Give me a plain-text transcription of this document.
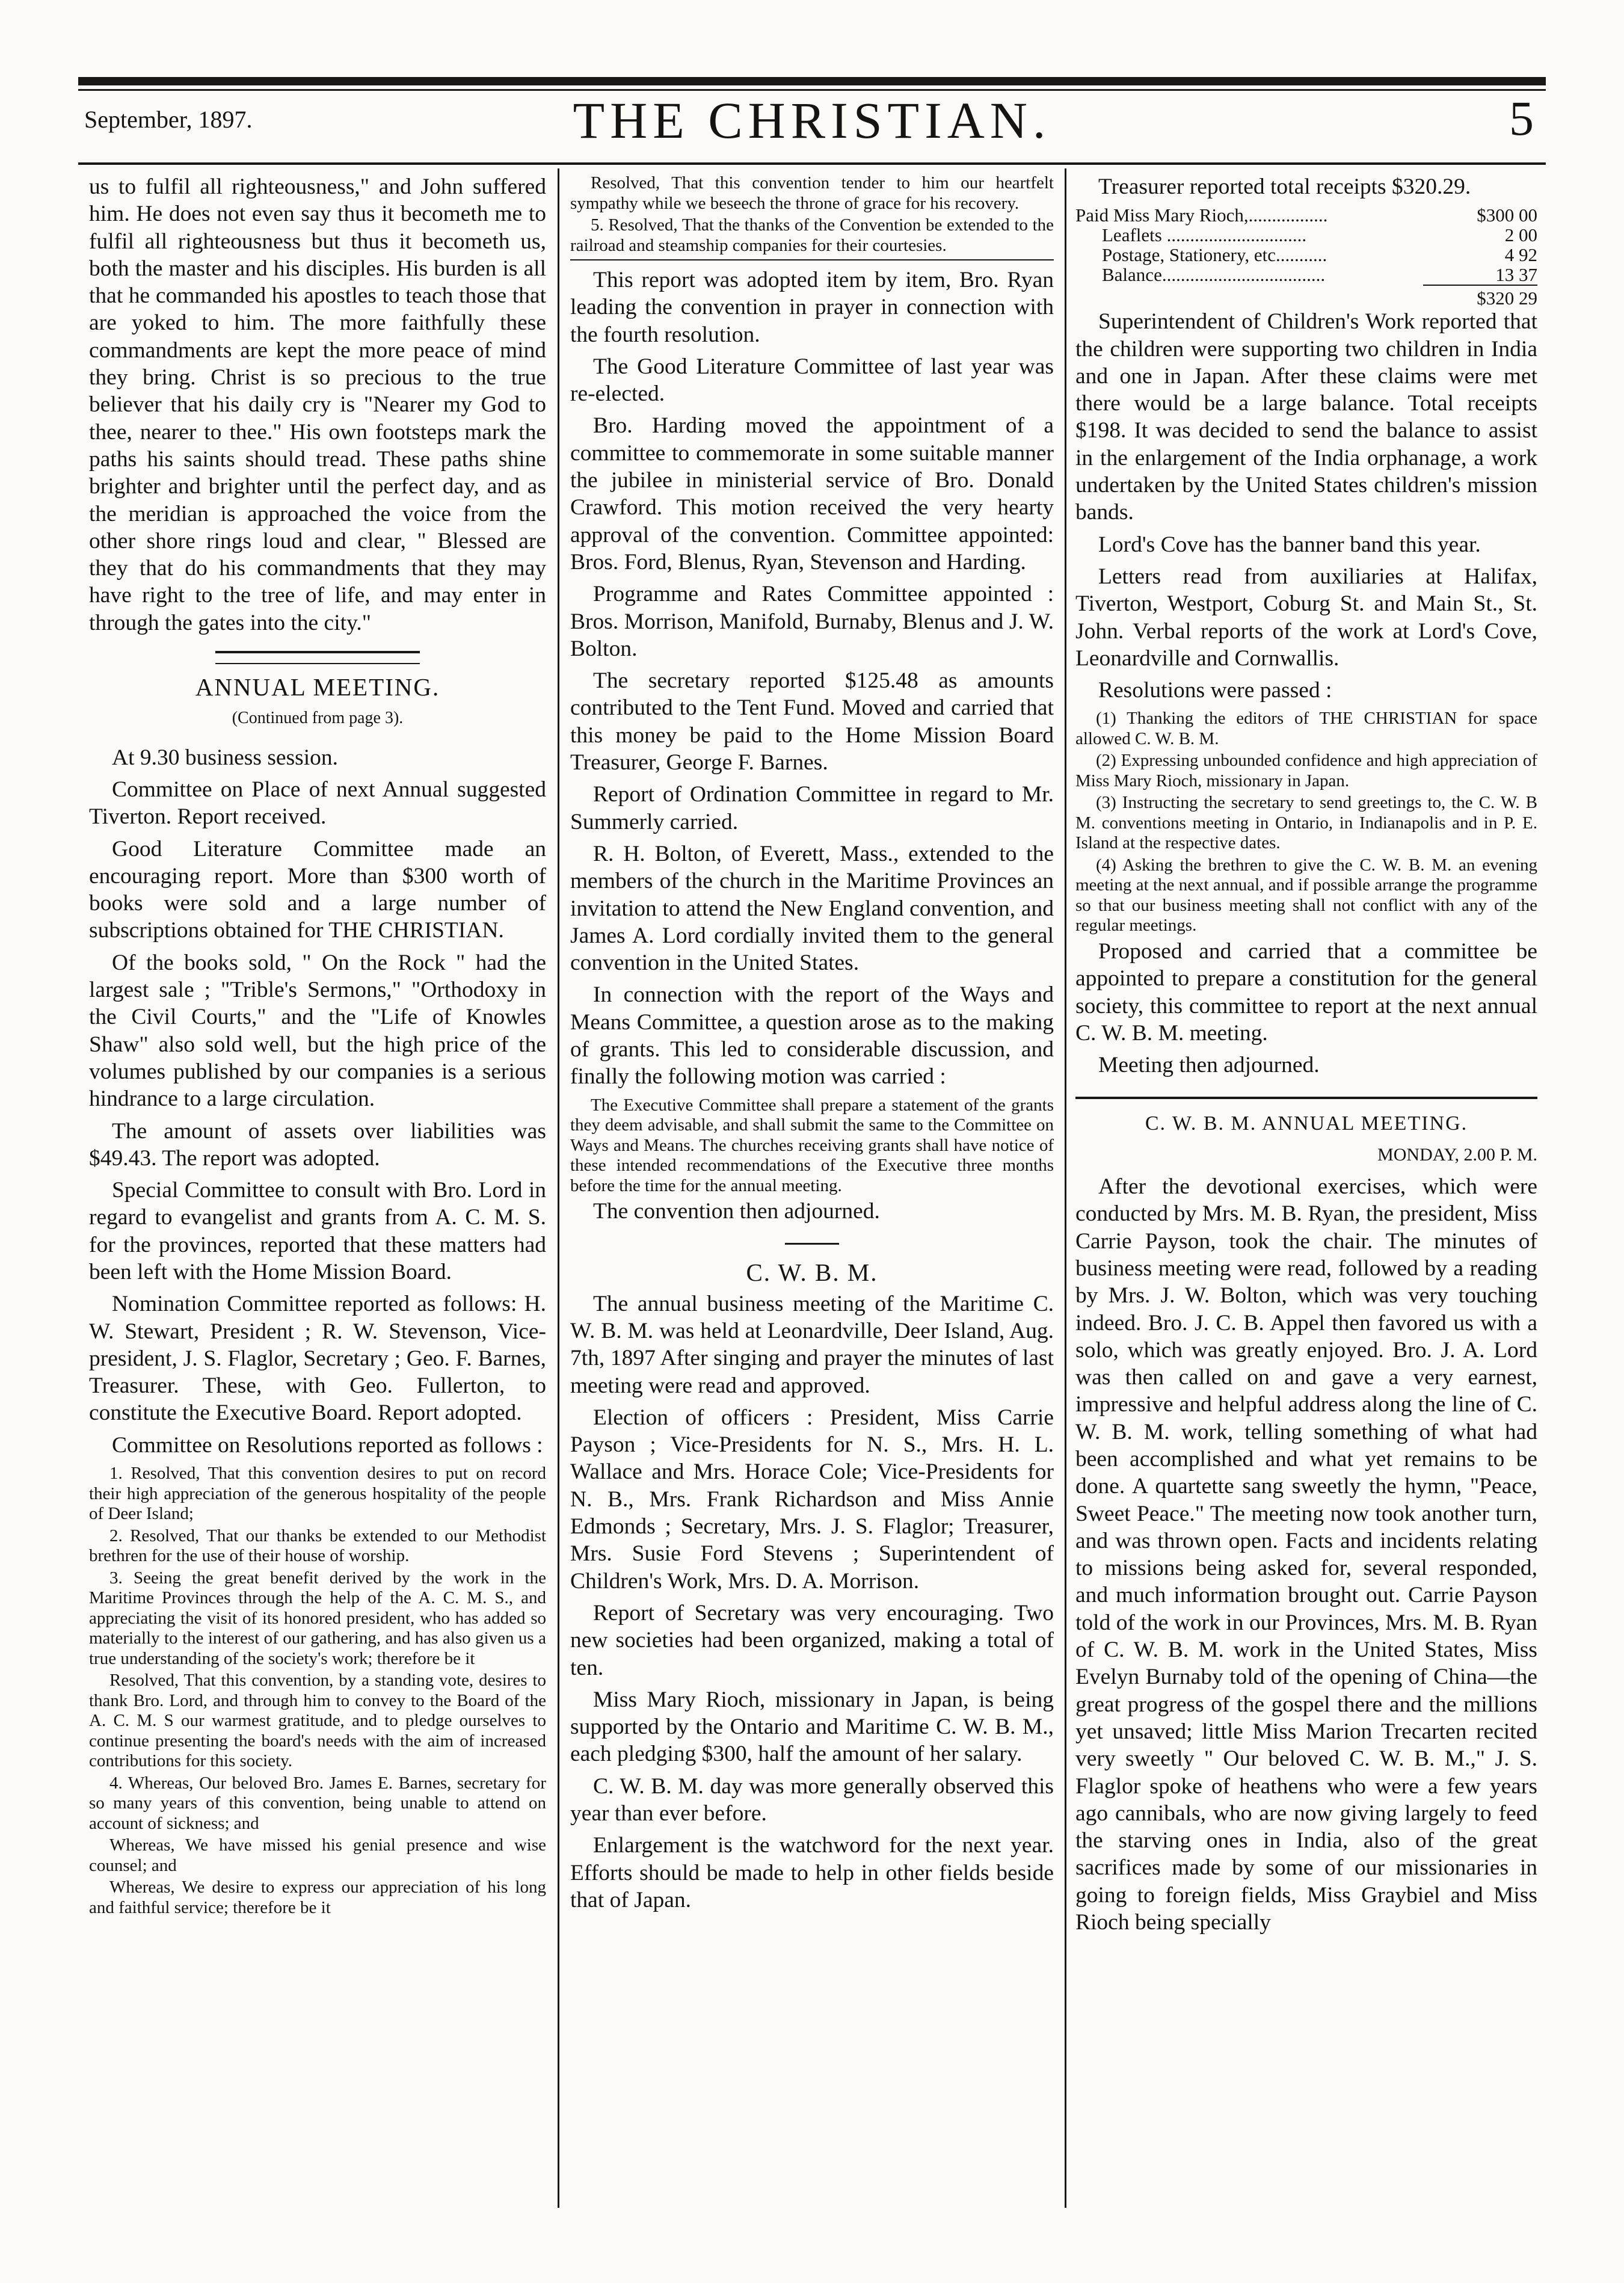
September, 1897.	THE CHRISTIAN.	5

us to fulfil all righteousness," and John suffered him. He does not even say thus it becometh me to fulfil all righteousness but thus it becometh us, both the master and his disciples. His burden is all that he commanded his apostles to teach those that are yoked to him. The more faithfully these commandments are kept the more peace of mind they bring. Christ is so precious to the true believer that his daily cry is "Nearer my God to thee, nearer to thee." His own footsteps mark the paths his saints should tread. These paths shine brighter and brighter until the perfect day, and as the meridian is approached the voice from the other shore rings loud and clear, " Blessed are they that do his commandments that they may have right to the tree of life, and may enter in through the gates into the city."

ANNUAL MEETING.
(Continued from page 3).

At 9.30 business session.

Committee on Place of next Annual suggested Tiverton. Report received.

Good Literature Committee made an encouraging report. More than $300 worth of books were sold and a large number of subscriptions obtained for THE CHRISTIAN.

Of the books sold, " On the Rock " had the largest sale ; "Trible's Sermons," "Orthodoxy in the Civil Courts," and the "Life of Knowles Shaw" also sold well, but the high price of the volumes published by our companies is a serious hindrance to a large circulation.

The amount of assets over liabilities was $49.43. The report was adopted.

Special Committee to consult with Bro. Lord in regard to evangelist and grants from A. C. M. S. for the provinces, reported that these matters had been left with the Home Mission Board.

Nomination Committee reported as follows: H. W. Stewart, President ; R. W. Stevenson, Vice-president, J. S. Flaglor, Secretary ; Geo. F. Barnes, Treasurer. These, with Geo. Fullerton, to constitute the Executive Board. Report adopted.

Committee on Resolutions reported as follows :

1. Resolved, That this convention desires to put on record their high appreciation of the generous hospitality of the people of Deer Island;

2. Resolved, That our thanks be extended to our Methodist brethren for the use of their house of worship.

3. Seeing the great benefit derived by the work in the Maritime Provinces through the help of the A. C. M. S., and appreciating the visit of its honored president, who has added so materially to the interest of our gathering, and has also given us a true understanding of the society's work; therefore be it

Resolved, That this convention, by a standing vote, desires to thank Bro. Lord, and through him to convey to the Board of the A. C. M. S our warmest gratitude, and to pledge ourselves to continue presenting the board's needs with the aim of increased contributions for this society.

4. Whereas, Our beloved Bro. James E. Barnes, secretary for so many years of this convention, being unable to attend on account of sickness; and

Whereas, We have missed his genial presence and wise counsel; and

Whereas, We desire to express our appreciation of his long and faithful service; therefore be it

Resolved, That this convention tender to him our heartfelt sympathy while we beseech the throne of grace for his recovery.

5. Resolved, That the thanks of the Convention be extended to the railroad and steamship companies for their courtesies.

This report was adopted item by item, Bro. Ryan leading the convention in prayer in connection with the fourth resolution.

The Good Literature Committee of last year was re-elected.

Bro. Harding moved the appointment of a committee to commemorate in some suitable manner the jubilee in ministerial service of Bro. Donald Crawford. This motion received the very hearty approval of the convention. Committee appointed: Bros. Ford, Blenus, Ryan, Stevenson and Harding.

Programme and Rates Committee appointed : Bros. Morrison, Manifold, Burnaby, Blenus and J. W. Bolton.

The secretary reported $125.48 as amounts contributed to the Tent Fund. Moved and carried that this money be paid to the Home Mission Board Treasurer, George F. Barnes.

Report of Ordination Committee in regard to Mr. Summerly carried.

R. H. Bolton, of Everett, Mass., extended to the members of the church in the Maritime Provinces an invitation to attend the New England convention, and James A. Lord cordially invited them to the general convention in the United States.

In connection with the report of the Ways and Means Committee, a question arose as to the making of grants. This led to considerable discussion, and finally the following motion was carried :

The Executive Committee shall prepare a statement of the grants they deem advisable, and shall submit the same to the Committee on Ways and Means. The churches receiving grants shall have notice of these intended recommendations of the Executive three months before the time for the annual meeting.

The convention then adjourned.

C. W. B. M.

The annual business meeting of the Maritime C. W. B. M. was held at Leonardville, Deer Island, Aug. 7th, 1897 After singing and prayer the minutes of last meeting were read and approved.

Election of officers : President, Miss Carrie Payson ; Vice-Presidents for N. S., Mrs. H. L. Wallace and Mrs. Horace Cole; Vice-Presidents for N. B., Mrs. Frank Richardson and Miss Annie Edmonds ; Secretary, Mrs. J. S. Flaglor; Treasurer, Mrs. Susie Ford Stevens ; Superintendent of Children's Work, Mrs. D. A. Morrison.

Report of Secretary was very encouraging. Two new societies had been organized, making a total of ten.

Miss Mary Rioch, missionary in Japan, is being supported by the Ontario and Maritime C. W. B. M., each pledging $300, half the amount of her salary.

C. W. B. M. day was more generally observed this year than ever before.

Enlargement is the watchword for the next year. Efforts should be made to help in other fields beside that of Japan.

Treasurer reported total receipts $320.29.

Paid Miss Mary Rioch,.................	$300 00
Leaflets ..............................	2 00
Postage, Stationery, etc...........	4 92
Balance...................................	13 37
$320 29

Superintendent of Children's Work reported that the children were supporting two children in India and one in Japan. After these claims were met there would be a large balance. Total receipts $198. It was decided to send the balance to assist in the enlargement of the India orphanage, a work undertaken by the United States children's mission bands.

Lord's Cove has the banner band this year.

Letters read from auxiliaries at Halifax, Tiverton, Westport, Coburg St. and Main St., St. John. Verbal reports of the work at Lord's Cove, Leonardville and Cornwallis.

Resolutions were passed :

(1) Thanking the editors of THE CHRISTIAN for space allowed C. W. B. M.

(2) Expressing unbounded confidence and high appreciation of Miss Mary Rioch, missionary in Japan.

(3) Instructing the secretary to send greetings to, the C. W. B M. conventions meeting in Ontario, in Indianapolis and in P. E. Island at the respective dates.

(4) Asking the brethren to give the C. W. B. M. an evening meeting at the next annual, and if possible arrange the programme so that our business meeting shall not conflict with any of the regular meetings.

Proposed and carried that a committee be appointed to prepare a constitution for the general society, this committee to report at the next annual C. W. B. M. meeting.

Meeting then adjourned.

C. W. B. M. ANNUAL MEETING.
MONDAY, 2.00 P. M.

After the devotional exercises, which were conducted by Mrs. M. B. Ryan, the president, Miss Carrie Payson, took the chair. The minutes of business meeting were read, followed by a reading by Mrs. J. W. Bolton, which was very touching indeed. Bro. J. C. B. Appel then favored us with a solo, which was greatly enjoyed. Bro. J. A. Lord was then called on and gave a very earnest, impressive and helpful address along the line of C. W. B. M. work, telling something of what had been accomplished and what yet remains to be done. A quartette sang sweetly the hymn, "Peace, Sweet Peace." The meeting now took another turn, and was thrown open. Facts and incidents relating to missions being asked for, several responded, and much information brought out. Carrie Payson told of the work in our Provinces, Mrs. M. B. Ryan of C. W. B. M. work in the United States, Miss Evelyn Burnaby told of the opening of China—the great progress of the gospel there and the millions yet unsaved; little Miss Marion Trecarten recited very sweetly " Our beloved C. W. B. M.," J. S. Flaglor spoke of heathens who were a few years ago cannibals, who are now giving largely to feed the starving ones in India, also of the great sacrifices made by some of our missionaries in going to foreign fields, Miss Graybiel and Miss Rioch being specially
